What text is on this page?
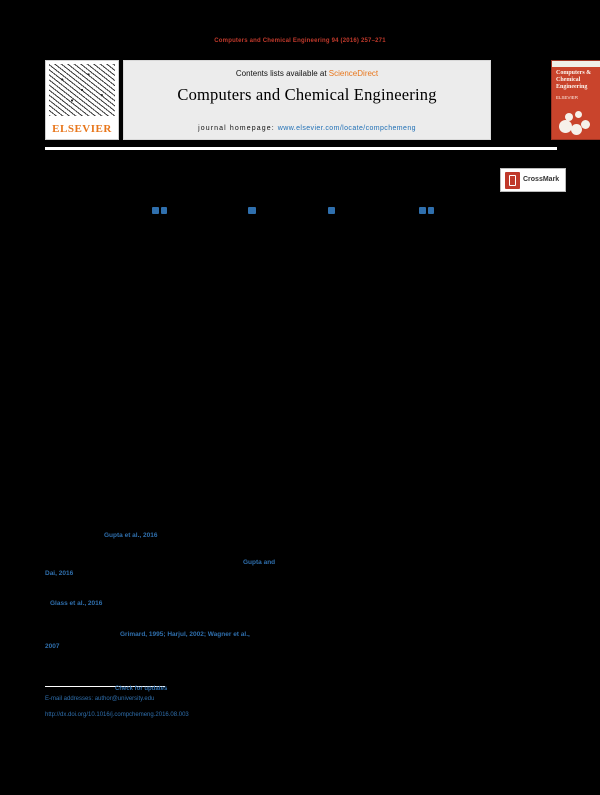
Computers and Chemical Engineering 94 (2016) 257–271
ELSEVIER
Contents lists available at ScienceDirect
Computers and Chemical Engineering
journal homepage: www.elsevier.com/locate/compchemeng
Computers & Chemical Engineering
ELSEVIER
CrossMark
Gupta et al., 2016
Gupta and
Dai, 2016
Glass et al., 2016
Grimard, 1995; Harjul, 2002; Wagner et al.,
2007
Check for updates
E-mail addresses: author@university.edu
http://dx.doi.org/10.1016/j.compchemeng.2016.08.003
